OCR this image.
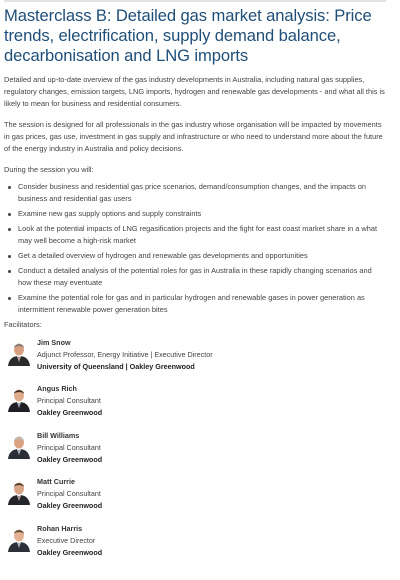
Masterclass B: Detailed gas market analysis: Price trends, electrification, supply demand balance, decarbonisation and LNG imports

Detailed and up-to-date overview of the gas industry developments in Australia, including natural gas supplies, regulatory changes, emission targets, LNG imports, hydrogen and renewable gas developments - and what all this is likely to mean for business and residential consumers.

The session is designed for all professionals in the gas industry whose organisation will be impacted by movements in gas prices, gas use, investment in gas supply and infrastructure or who need to understand more about the future of the energy industry in Australia and policy decisions.

During the session you will:

Consider business and residential gas price scenarios, demand/consumption changes, and the impacts on business and residential gas users
Examine new gas supply options and supply constraints
Look at the potential impacts of LNG regasification projects and the fight for east coast market share in a what may well become a high-risk market
Get a detailed overview of hydrogen and renewable gas developments and opportunities
Conduct a detailed analysis of the potential roles for gas in Australia in these rapidly changing scenarios and how these may eventuate
Examine the potential role for gas and in particular hydrogen and renewable gases in power generation as intermittent renewable power generation bites
Facilitators:
Jim Snow
Adjunct Professor, Energy Initiative | Executive Director
University of Queensland | Oakley Greenwood
Angus Rich
Principal Consultant
Oakley Greenwood
Bill Williams
Principal Consultant
Oakley Greenwood
Matt Currie
Principal Consultant
Oakley Greenwood
Rohan Harris
Executive Director
Oakley Greenwood
